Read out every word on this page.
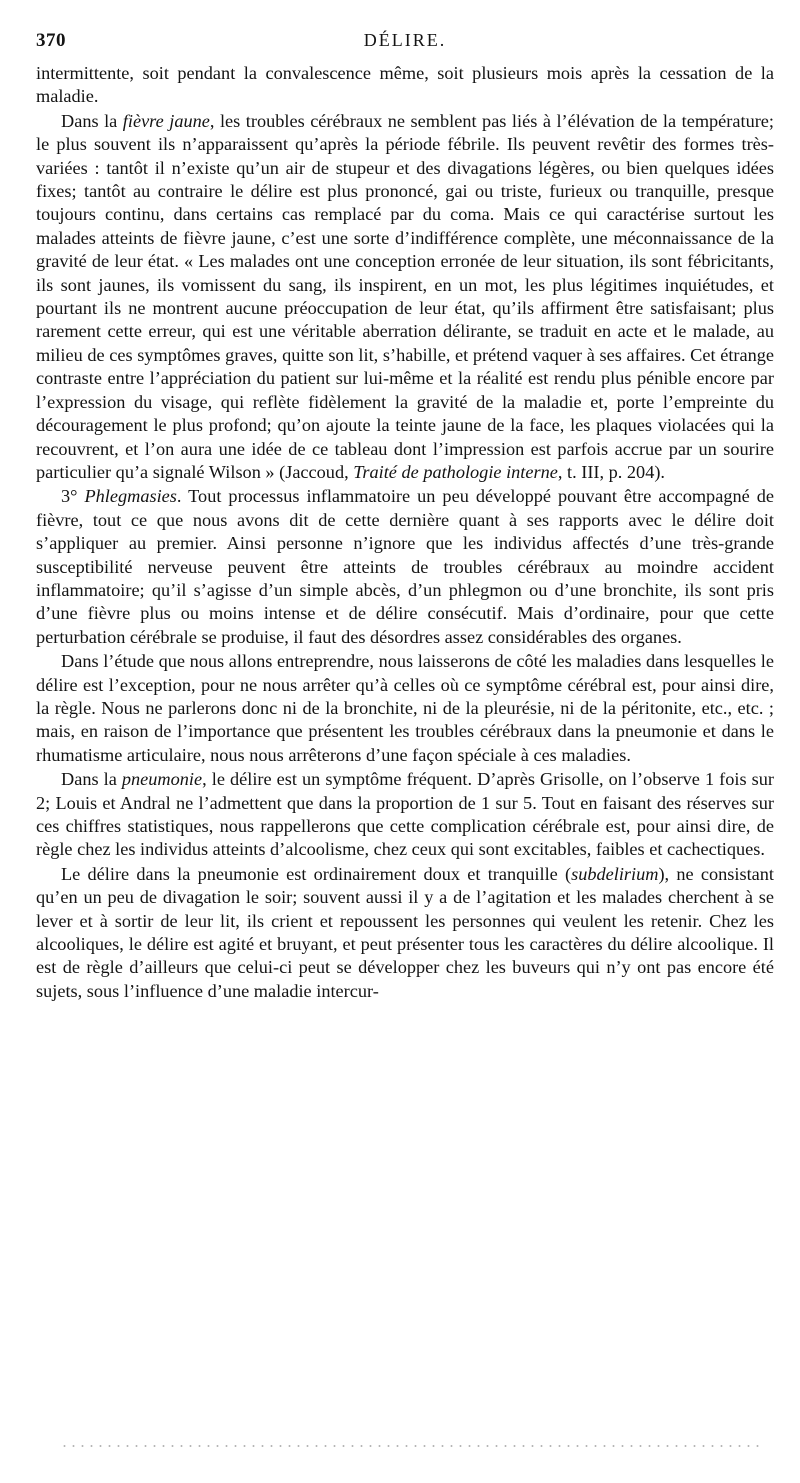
370	DÉLIRE.

intermittente, soit pendant la convalescence même, soit plusieurs mois après la cessation de la maladie.

Dans la fièvre jaune, les troubles cérébraux ne semblent pas liés à l’élévation de la température; le plus souvent ils n’apparaissent qu’après la période fébrile. Ils peuvent revêtir des formes très-variées : tantôt il n’existe qu’un air de stupeur et des divagations légères, ou bien quelques idées fixes; tantôt au contraire le délire est plus prononcé, gai ou triste, furieux ou tranquille, presque toujours continu, dans certains cas remplacé par du coma. Mais ce qui caractérise surtout les malades atteints de fièvre jaune, c’est une sorte d’indifférence complète, une méconnaissance de la gravité de leur état. « Les malades ont une conception erronée de leur situation, ils sont fébricitants, ils sont jaunes, ils vomissent du sang, ils inspirent, en un mot, les plus légitimes inquiétudes, et pourtant ils ne montrent aucune préoccupation de leur état, qu’ils affirment être satisfaisant; plus rarement cette erreur, qui est une véritable aberration délirante, se traduit en acte et le malade, au milieu de ces symptômes graves, quitte son lit, s’habille, et prétend vaquer à ses affaires. Cet étrange contraste entre l’appréciation du patient sur lui-même et la réalité est rendu plus pénible encore par l’expression du visage, qui reflète fidèlement la gravité de la maladie et, porte l’empreinte du découragement le plus profond; qu’on ajoute la teinte jaune de la face, les plaques violacées qui la recouvrent, et l’on aura une idée de ce tableau dont l’impression est parfois accrue par un sourire particulier qu’a signalé Wilson » (Jaccoud, Traité de pathologie interne, t. III, p. 204).

3° Phlegmasies. Tout processus inflammatoire un peu développé pouvant être accompagné de fièvre, tout ce que nous avons dit de cette dernière quant à ses rapports avec le délire doit s’appliquer au premier. Ainsi personne n’ignore que les individus affectés d’une très-grande susceptibilité nerveuse peuvent être atteints de troubles cérébraux au moindre accident inflammatoire; qu’il s’agisse d’un simple abcès, d’un phlegmon ou d’une bronchite, ils sont pris d’une fièvre plus ou moins intense et de délire consécutif. Mais d’ordinaire, pour que cette perturbation cérébrale se produise, il faut des désordres assez considérables des organes.

Dans l’étude que nous allons entreprendre, nous laisserons de côté les maladies dans lesquelles le délire est l’exception, pour ne nous arrêter qu’à celles où ce symptôme cérébral est, pour ainsi dire, la règle. Nous ne parlerons donc ni de la bronchite, ni de la pleurésie, ni de la péritonite, etc., etc. ; mais, en raison de l’importance que présentent les troubles cérébraux dans la pneumonie et dans le rhumatisme articulaire, nous nous arrêterons d’une façon spéciale à ces maladies.

Dans la pneumonie, le délire est un symptôme fréquent. D’après Grisolle, on l’observe 1 fois sur 2; Louis et Andral ne l’admettent que dans la proportion de 1 sur 5. Tout en faisant des réserves sur ces chiffres statistiques, nous rappellerons que cette complication cérébrale est, pour ainsi dire, de règle chez les individus atteints d’alcoolisme, chez ceux qui sont excitables, faibles et cachectiques.

Le délire dans la pneumonie est ordinairement doux et tranquille (subdelirium), ne consistant qu’en un peu de divagation le soir; souvent aussi il y a de l’agitation et les malades cherchent à se lever et à sortir de leur lit, ils crient et repoussent les personnes qui veulent les retenir. Chez les alcooliques, le délire est agité et bruyant, et peut présenter tous les caractères du délire alcoolique. Il est de règle d’ailleurs que celui-ci peut se développer chez les buveurs qui n’y ont pas encore été sujets, sous l’influence d’une maladie intercur-
